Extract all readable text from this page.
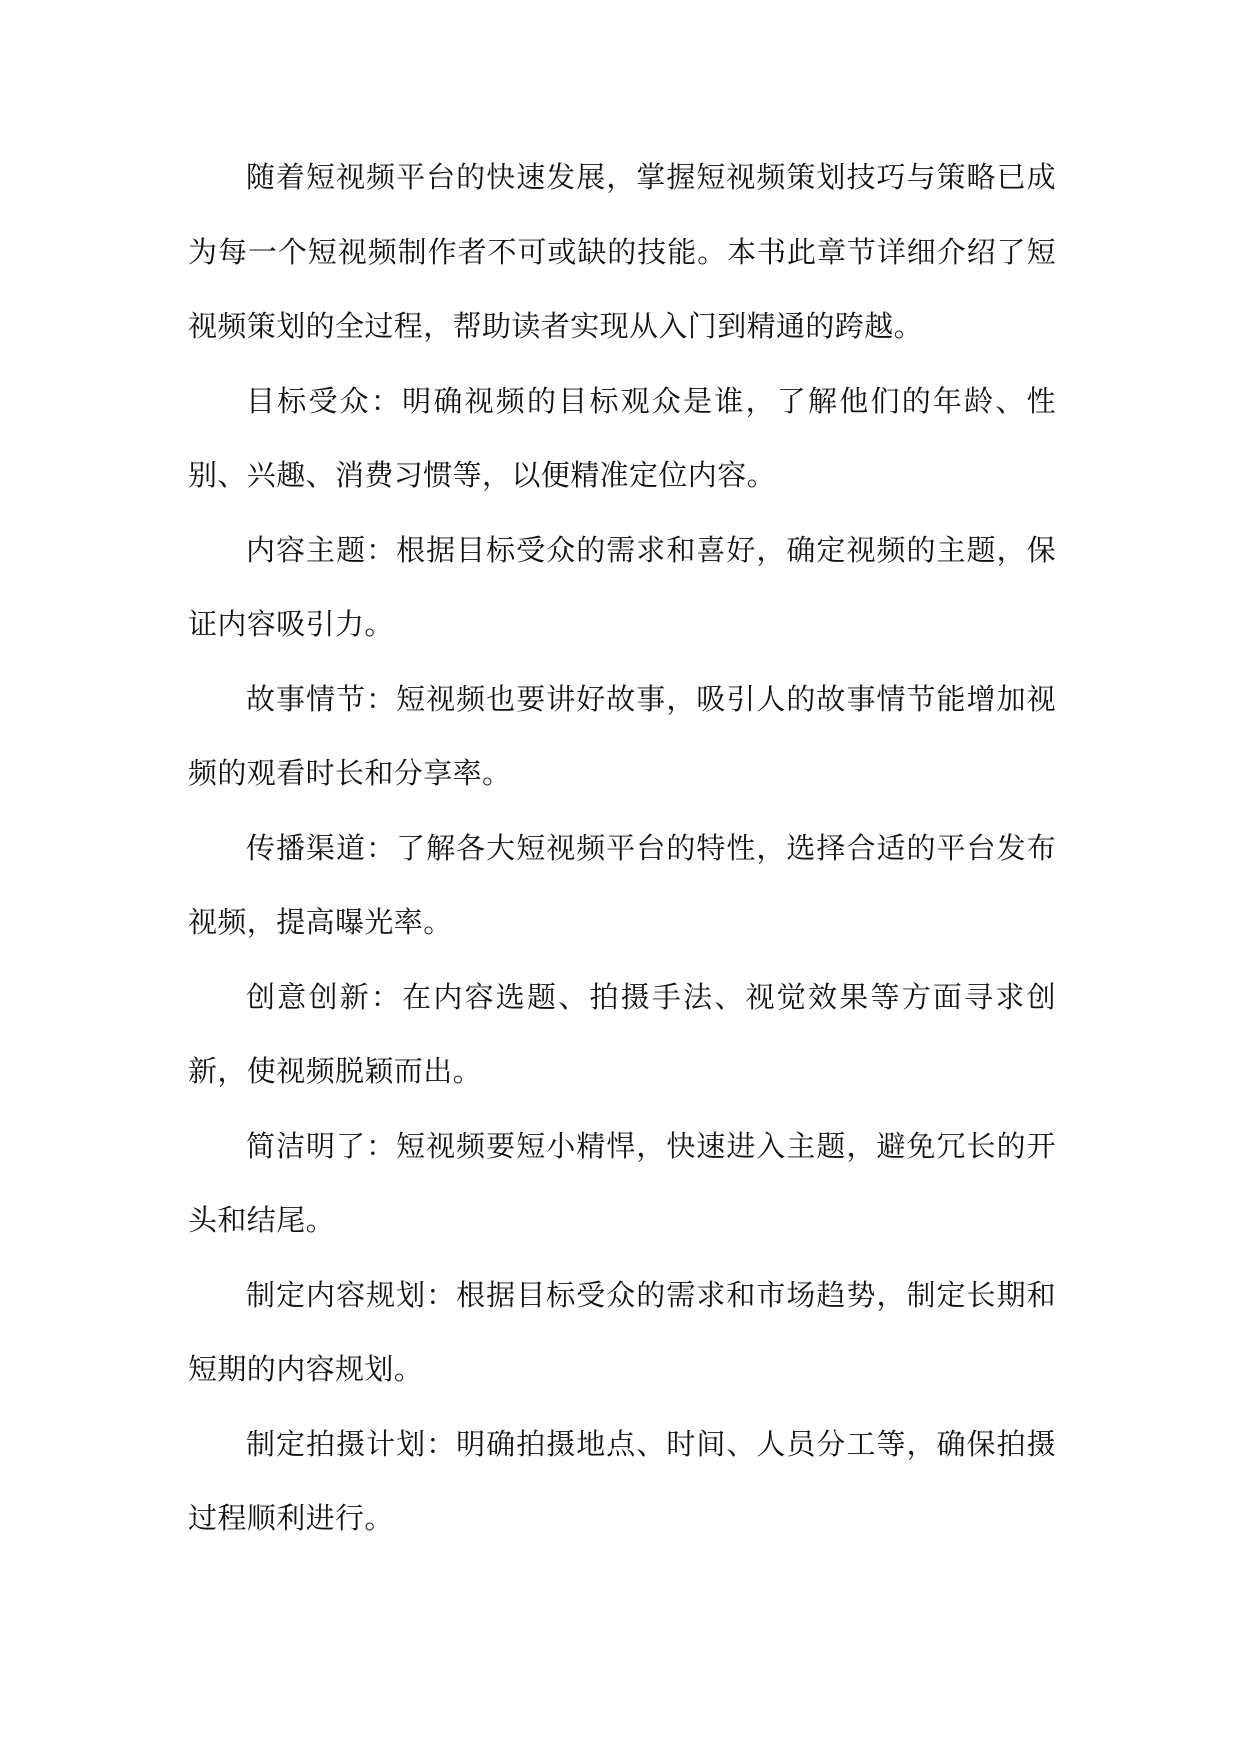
随着短视频平台的快速发展，掌握短视频策划技巧与策略已成为每一个短视频制作者不可或缺的技能。本书此章节详细介绍了短视频策划的全过程，帮助读者实现从入门到精通的跨越。

目标受众：明确视频的目标观众是谁，了解他们的年龄、性别、兴趣、消费习惯等，以便精准定位内容。

内容主题：根据目标受众的需求和喜好，确定视频的主题，保证内容吸引力。

故事情节：短视频也要讲好故事，吸引人的故事情节能增加视频的观看时长和分享率。

传播渠道：了解各大短视频平台的特性，选择合适的平台发布视频，提高曝光率。

创意创新：在内容选题、拍摄手法、视觉效果等方面寻求创新，使视频脱颖而出。

简洁明了：短视频要短小精悍，快速进入主题，避免冗长的开头和结尾。

制定内容规划：根据目标受众的需求和市场趋势，制定长期和短期的内容规划。

制定拍摄计划：明确拍摄地点、时间、人员分工等，确保拍摄过程顺利进行。
